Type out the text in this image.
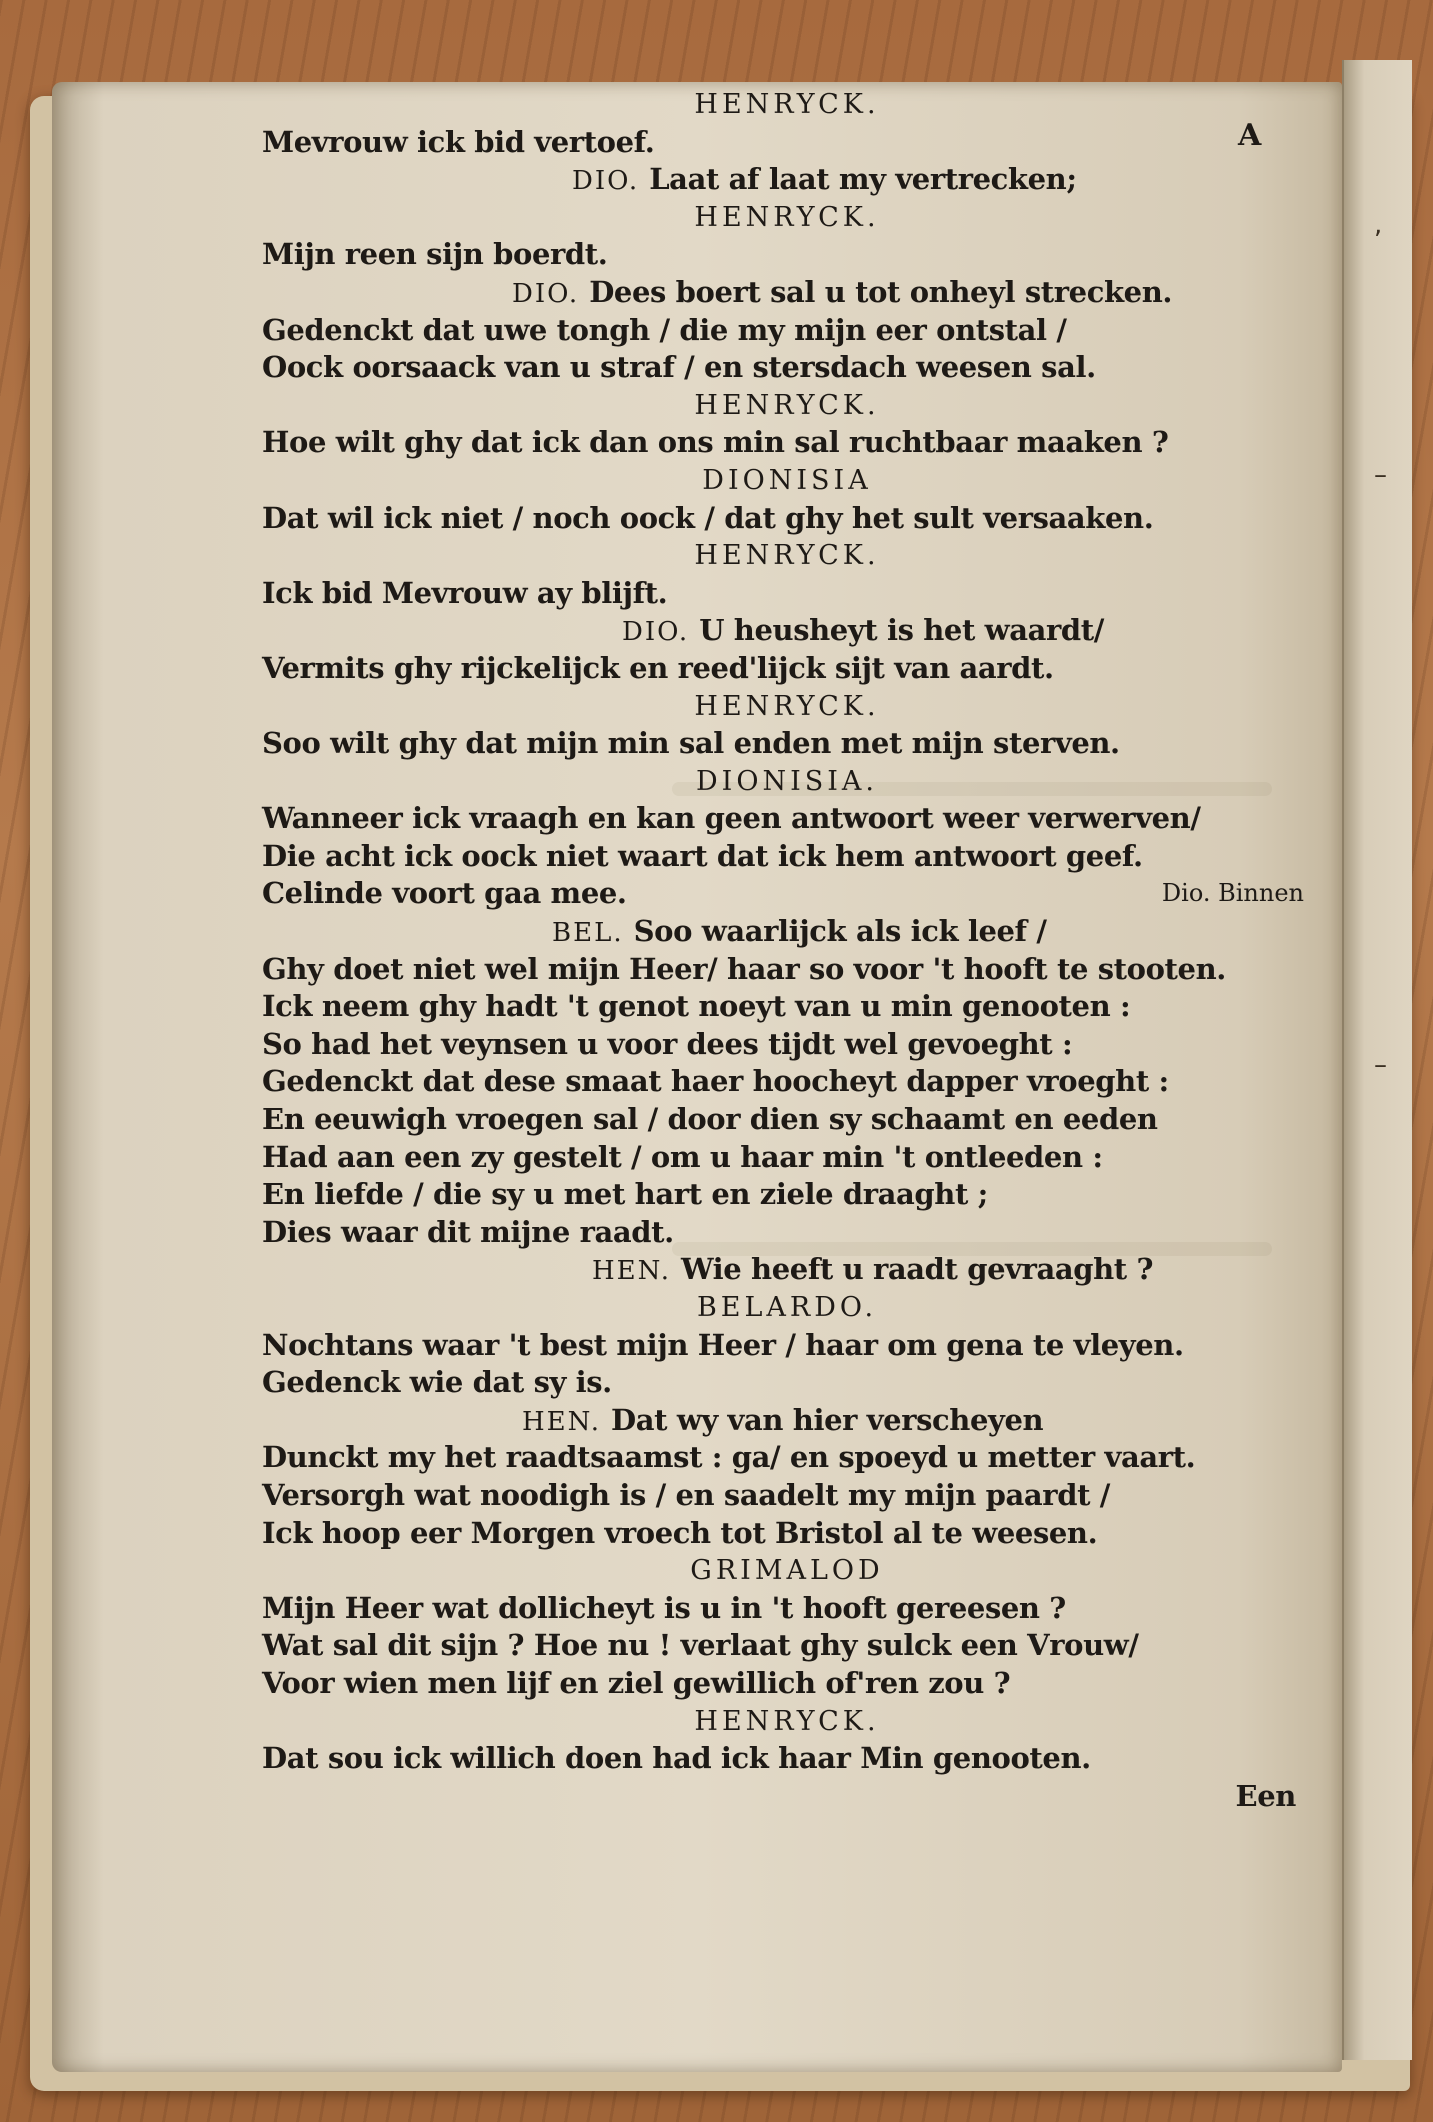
,
–
–
A
HENRYCK.
Mevrouw ick bid vertoef.
DIO. Laat af laat my vertrecken;
HENRYCK.
Mijn reen sijn boerdt.
DIO. Dees boert sal u tot onheyl strecken.
Gedenckt dat uwe tongh / die my mijn eer ontstal /
Oock oorsaack van u straf / en stersdach weesen sal.
HENRYCK.
Hoe wilt ghy dat ick dan ons min sal ruchtbaar maaken ?
DIONISIA
Dat wil ick niet / noch oock / dat ghy het sult versaaken.
HENRYCK.
Ick bid Mevrouw ay blijft.
DIO. U heusheyt is het waardt/
Vermits ghy rijckelijck en reed'lijck sijt van aardt.
HENRYCK.
Soo wilt ghy dat mijn min sal enden met mijn sterven.
DIONISIA.
Wanneer ick vraagh en kan geen antwoort weer verwerven/
Die acht ick oock niet waart dat ick hem antwoort geef.
Celinde voort gaa mee.	Dio. Binnen
BEL. Soo waarlijck als ick leef /
Ghy doet niet wel mijn Heer/ haar so voor 't hooft te stooten.
Ick neem ghy hadt 't genot noeyt van u min genooten :
So had het veynsen u voor dees tijdt wel gevoeght :
Gedenckt dat dese smaat haer hoocheyt dapper vroeght :
En eeuwigh vroegen sal / door dien sy schaamt en eeden
Had aan een zy gestelt / om u haar min 't ontleeden :
En liefde / die sy u met hart en ziele draaght ;
Dies waar dit mijne raadt.
HEN. Wie heeft u raadt gevraaght ?
BELARDO.
Nochtans waar 't best mijn Heer / haar om gena te vleyen.
Gedenck wie dat sy is.
HEN. Dat wy van hier verscheyen
Dunckt my het raadtsaamst : ga/ en spoeyd u metter vaart.
Versorgh wat noodigh is / en saadelt my mijn paardt /
Ick hoop eer Morgen vroech tot Bristol al te weesen.
GRIMALOD
Mijn Heer wat dollicheyt is u in 't hooft gereesen ?
Wat sal dit sijn ? Hoe nu ! verlaat ghy sulck een Vrouw/
Voor wien men lijf en ziel gewillich of'ren zou ?
HENRYCK.
Dat sou ick willich doen had ick haar Min genooten.
Een
